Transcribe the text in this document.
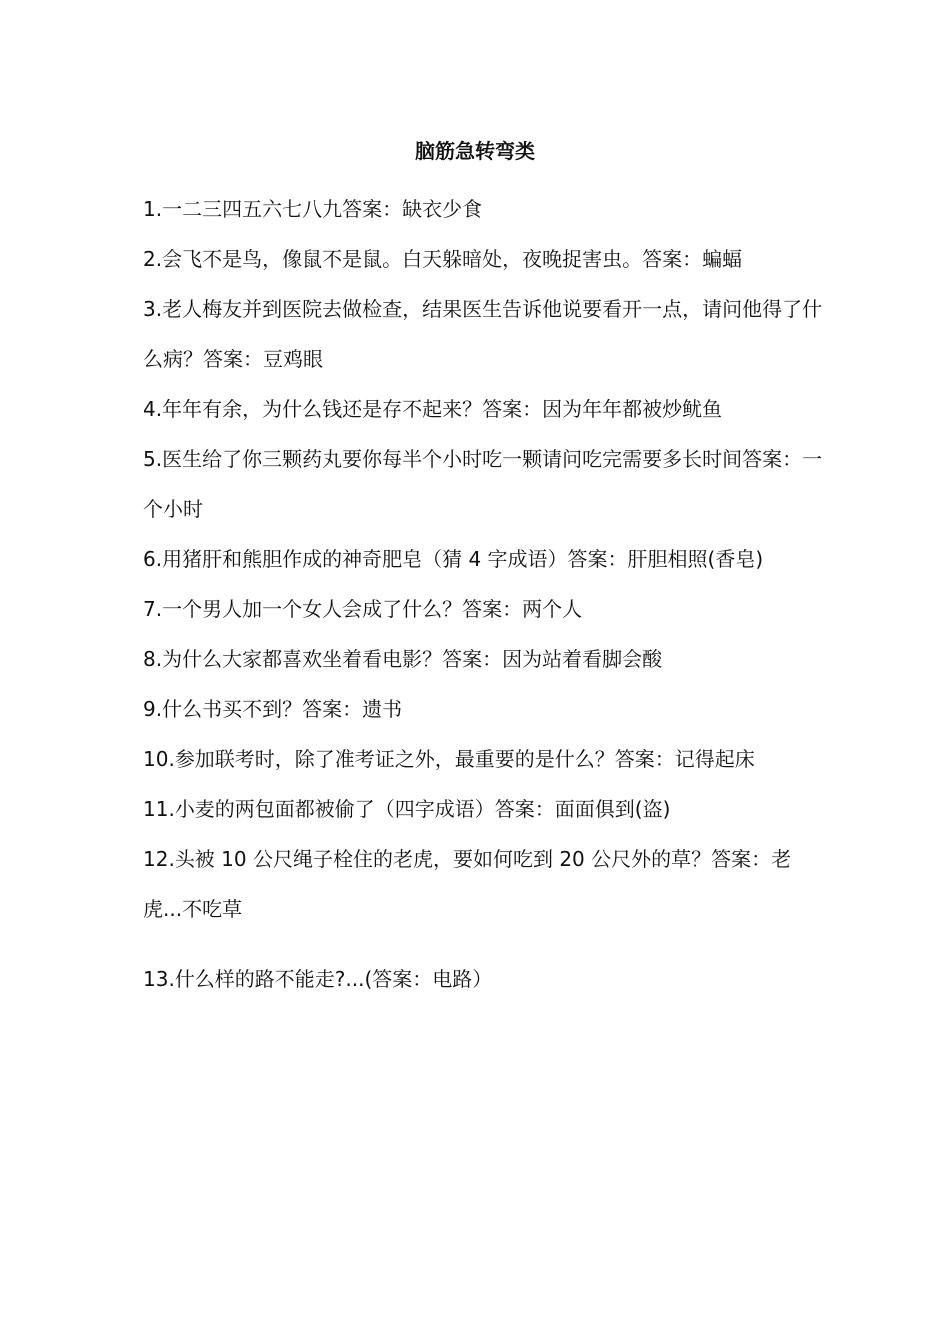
脑筋急转弯类

1.一二三四五六七八九答案：缺衣少食

2.会飞不是鸟，像鼠不是鼠。白天躲暗处，夜晚捉害虫。答案：蝙蝠

3.老人梅友并到医院去做检查，结果医生告诉他说要看开一点，请问他得了什么病？答案：豆鸡眼

4.年年有余，为什么钱还是存不起来？答案：因为年年都被炒鱿鱼

5.医生给了你三颗药丸要你每半个小时吃一颗请问吃完需要多长时间答案：一个小时

6.用猪肝和熊胆作成的神奇肥皂（猜 4 字成语）答案：肝胆相照(香皂)

7.一个男人加一个女人会成了什么？答案：两个人

8.为什么大家都喜欢坐着看电影？答案：因为站着看脚会酸

9.什么书买不到？答案：遗书

10.参加联考时，除了准考证之外，最重要的是什么？答案：记得起床

11.小麦的两包面都被偷了（四字成语）答案：面面俱到(盗)

12.头被 10 公尺绳子栓住的老虎，要如何吃到 20 公尺外的草？答案：老虎...不吃草

13.什么样的路不能走?...(答案：电路）
